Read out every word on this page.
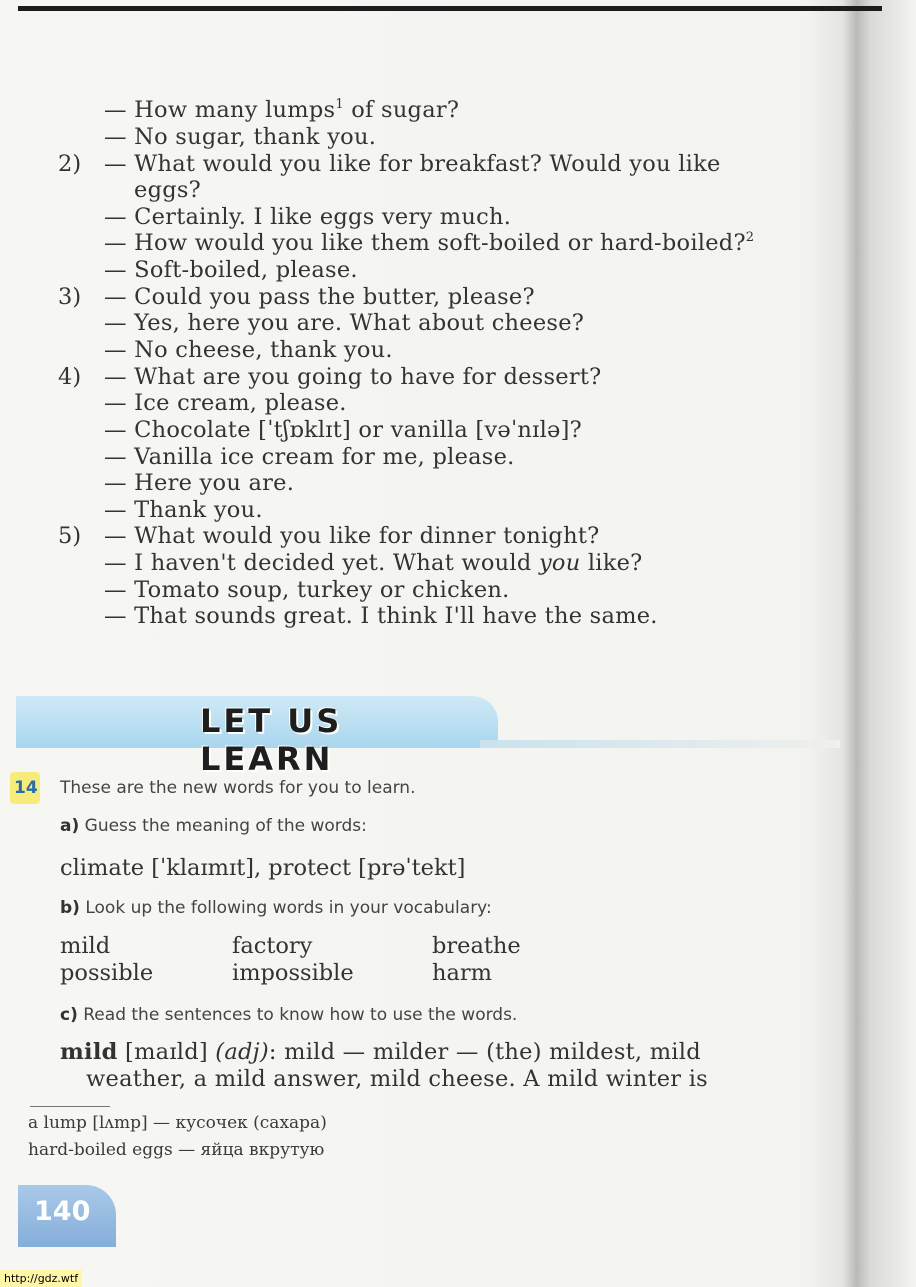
— How many lumps$^1$ of sugar?
— No sugar, thank you.
2) — What would you like for breakfast? Would you like
eggs?
— Certainly. I like eggs very much.
— How would you like them soft-boiled or hard-boiled?$^2$
— Soft-boiled, please.
3) — Could you pass the butter, please?
— Yes, here you are. What about cheese?
— No cheese, thank you.
4) — What are you going to have for dessert?
— Ice cream, please.
— Chocolate [ˈtʃɒklɪt] or vanilla [vəˈnɪlə]?
— Vanilla ice cream for me, please.
— Here you are.
— Thank you.
5) — What would you like for dinner tonight?
— I haven't decided yet. What would you like?
— Tomato soup, turkey or chicken.
— That sounds great. I think I'll have the same.
LET US LEARN
14 These are the new words for you to learn.
a) Guess the meaning of the words:
climate [ˈklaɪmɪt], protect [prəˈtekt]
b) Look up the following words in your vocabulary:
mild	factory	breathe
possible	impossible	harm
c) Read the sentences to know how to use the words.
mild [maɪld] (adj): mild — milder — (the) mildest, mild
weather, a mild answer, mild cheese. A mild winter is
a lump [lʌmp] — кусочек (сахара)
hard-boiled eggs — яйца вкрутую
140
http://gdz.wtf
